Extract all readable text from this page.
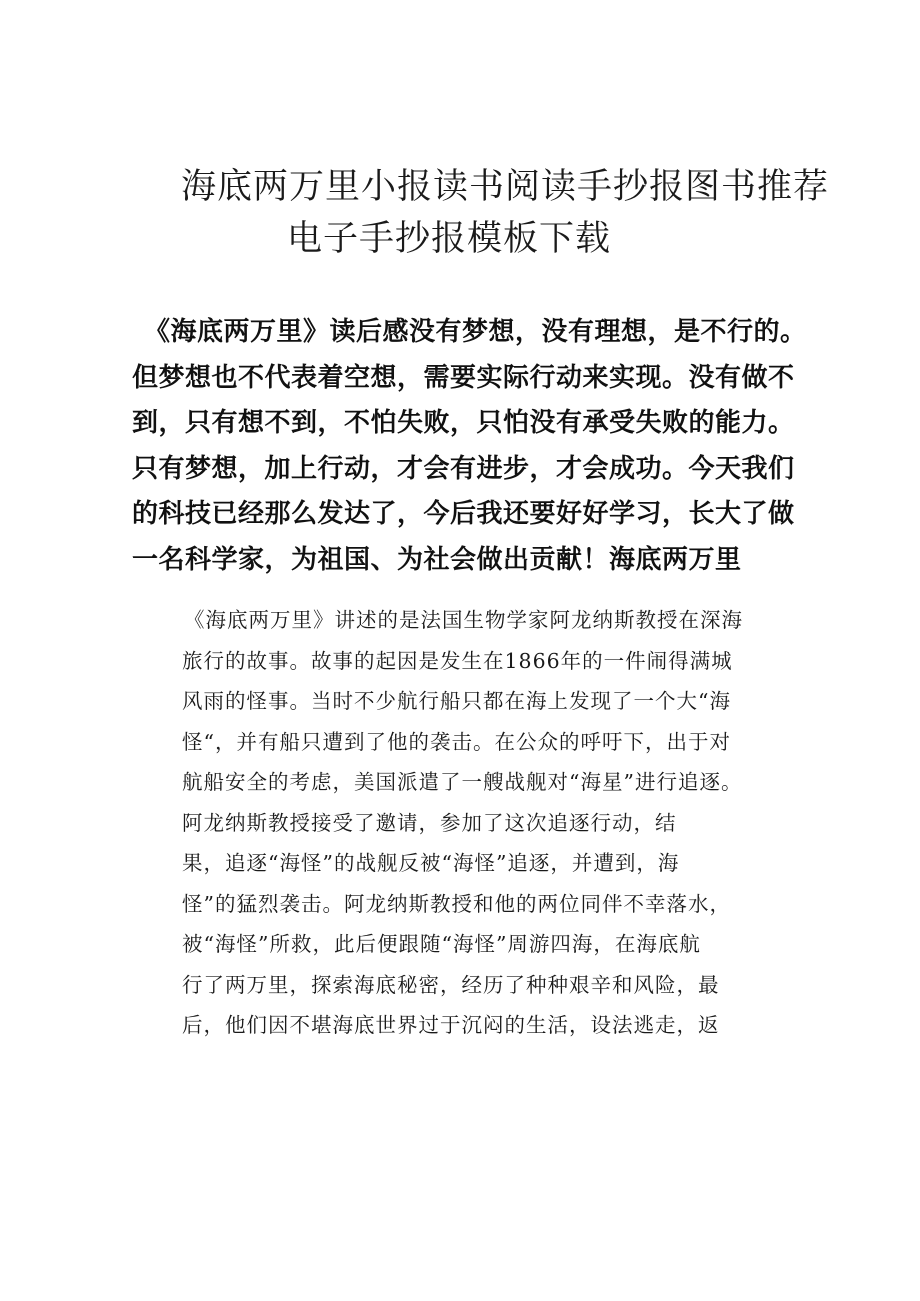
海底两万里小报读书阅读手抄报图书推荐
电子手抄报模板下载
《海底两万里》读后感没有梦想，没有理想，是不行的。
但梦想也不代表着空想，需要实际行动来实现。没有做不
到，只有想不到，不怕失败，只怕没有承受失败的能力。
只有梦想，加上行动，才会有进步，才会成功。今天我们
的科技已经那么发达了，今后我还要好好学习，长大了做
一名科学家，为祖国、为社会做出贡献！海底两万里
《海底两万里》讲述的是法国生物学家阿龙纳斯教授在深海
旅行的故事。故事的起因是发生在1866年的一件闹得满城
风雨的怪事。当时不少航行船只都在海上发现了一个大“海
怪“，并有船只遭到了他的袭击。在公众的呼吁下，出于对
航船安全的考虑，美国派遣了一艘战舰对“海星”进行追逐。
阿龙纳斯教授接受了邀请，参加了这次追逐行动，结
果，追逐“海怪”的战舰反被“海怪”追逐，并遭到，海
怪”的猛烈袭击。阿龙纳斯教授和他的两位同伴不幸落水，
被“海怪”所救，此后便跟随“海怪”周游四海，在海底航
行了两万里，探索海底秘密，经历了种种艰辛和风险，最
后，他们因不堪海底世界过于沉闷的生活，设法逃走，返
